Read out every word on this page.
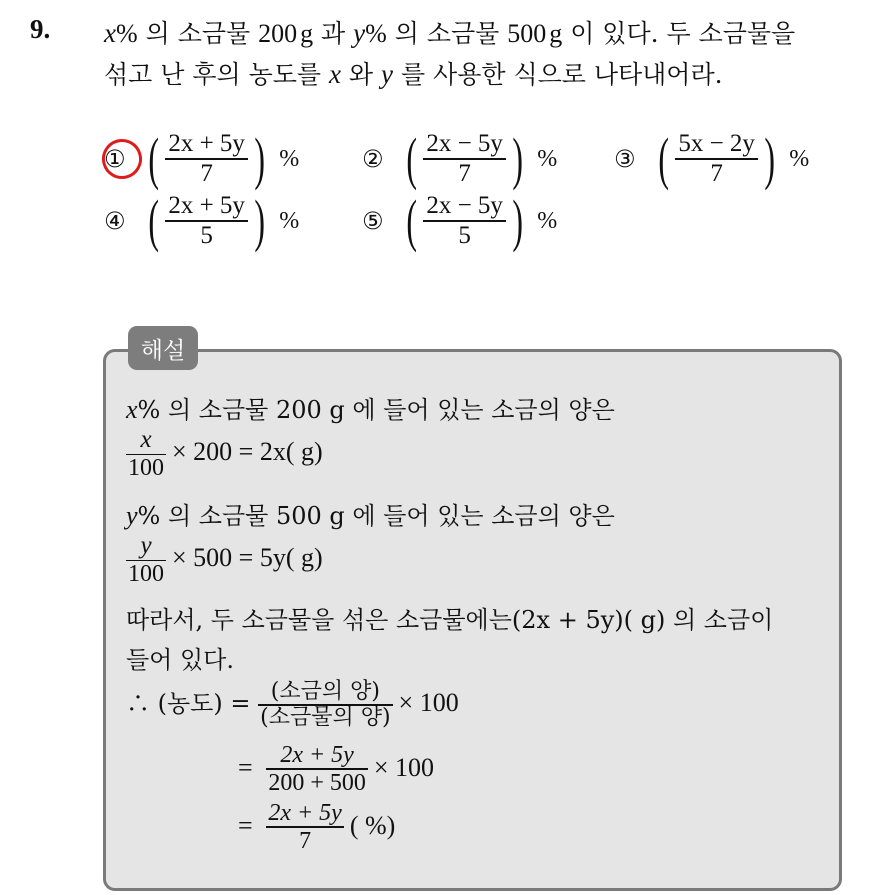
9. x% 의 소금물 200 g 과 y% 의 소금물 500 g 이 있다. 두 소금물을
섞고 난 후의 농도를 x 와 y 를 사용한 식으로 나타내어라.
① ( $\frac{2x + 5y}{7}$ ) %	② ( $\frac{2x - 5y}{7}$ ) % ③ ( $\frac{5x - 2y}{7}$ ) %
④ ( $\frac{2x + 5y}{5}$ ) %	⑤ ( $\frac{2x - 5y}{5}$ ) %
해설
x% 의 소금물 200 g 에 들어 있는 소금의 양은
$\frac{x}{100} \times 200 = 2x$( g)
y% 의 소금물 500 g 에 들어 있는 소금의 양은
$\frac{y}{100} \times 500 = 5y$( g)
따라서, 두 소금물을 섞은 소금물에는(2x + 5y)( g) 의 소금이
들어 있다.
∴ (농도) = $\frac{\text{(소금의 양)}}{\text{(소금물의 양)}} \times 100$
= $\frac{2x + 5y}{200 + 500} \times 100$
= $\frac{2x + 5y}{7}$ ( %)
